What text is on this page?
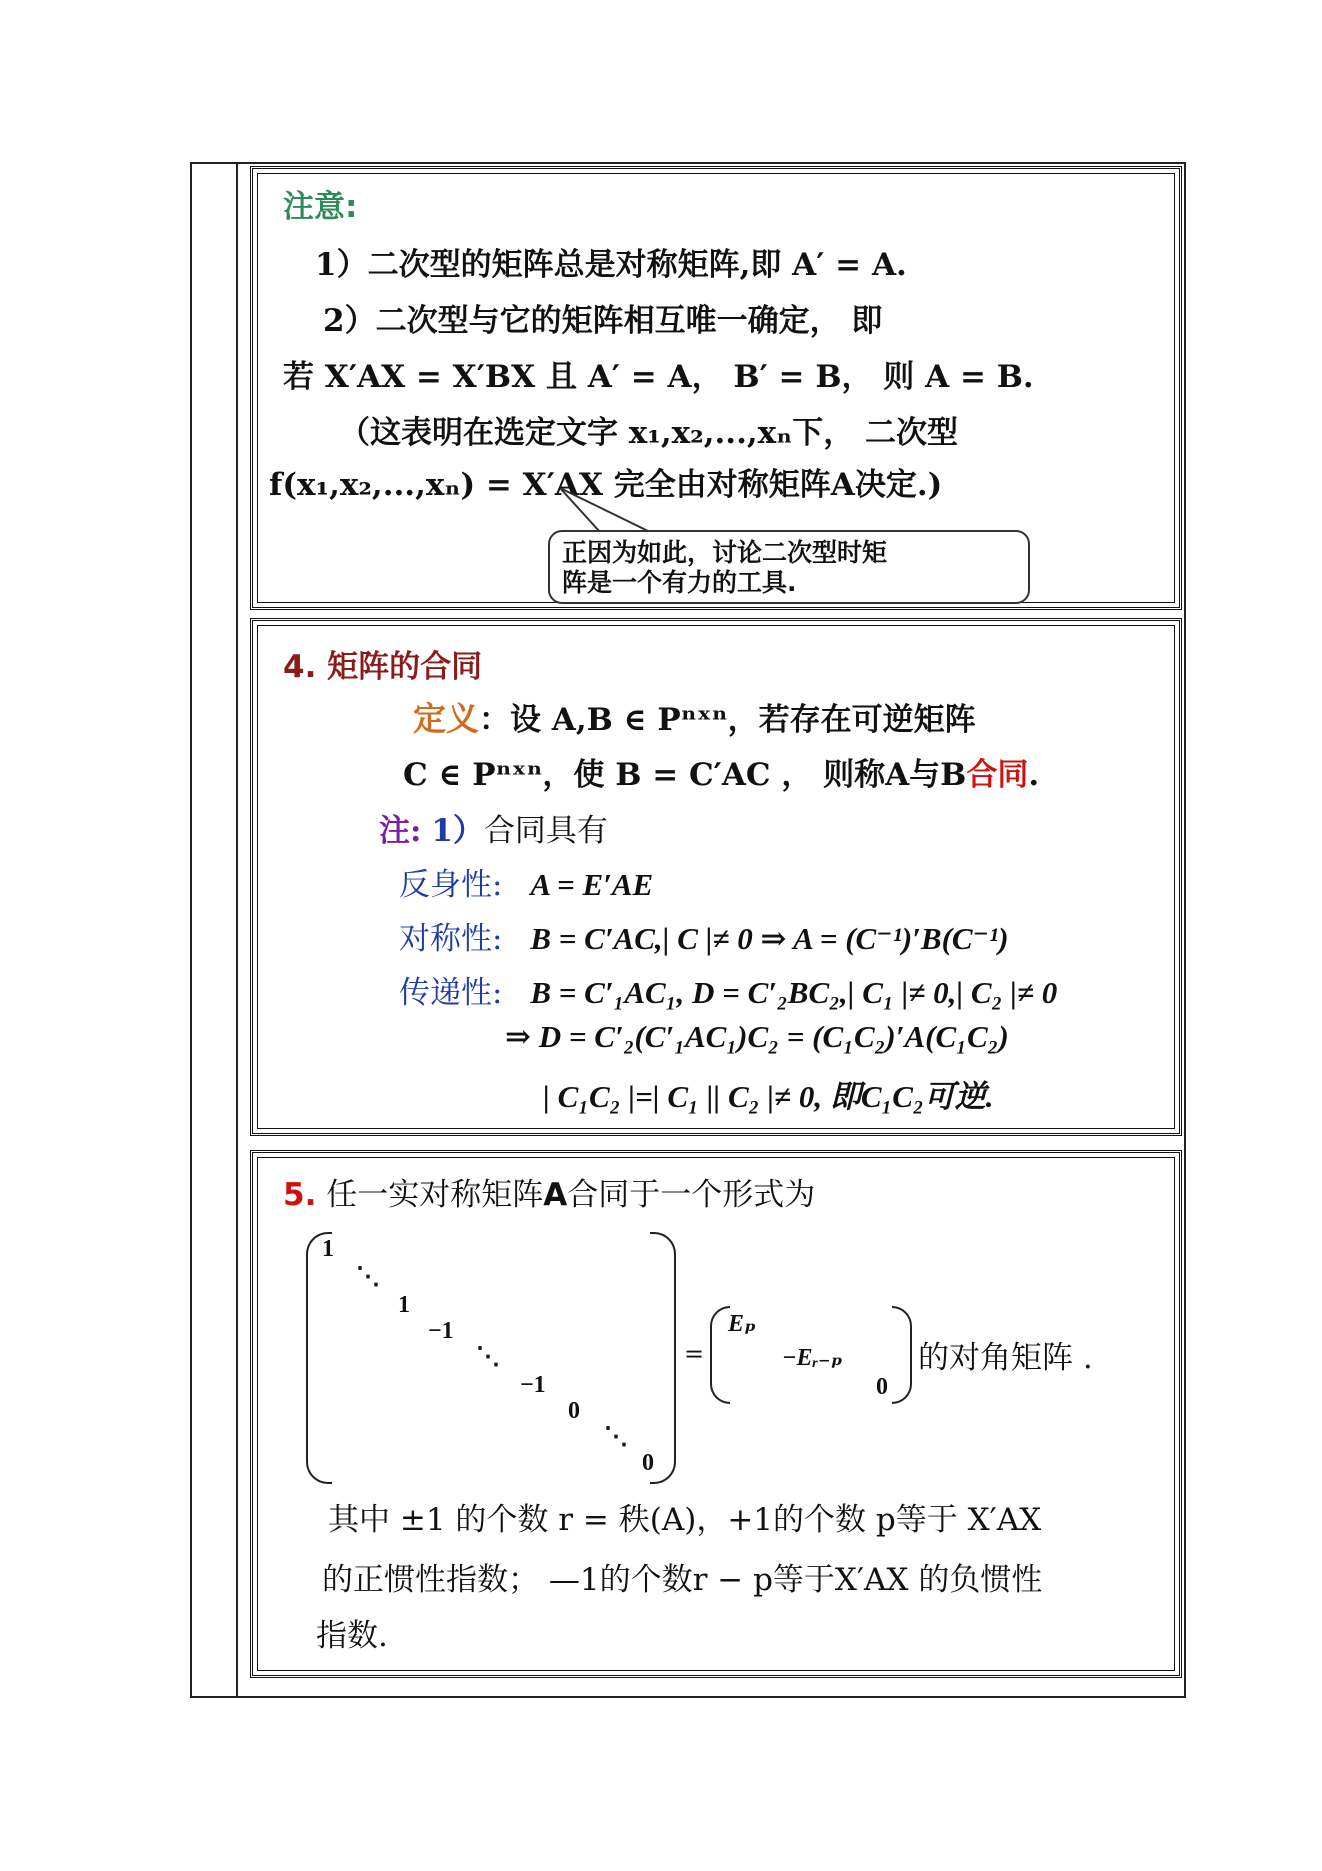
注意:
1）二次型的矩阵总是对称矩阵,即 A′ = A.
2）二次型与它的矩阵相互唯一确定， 即
若 X′AX = X′BX 且 A′ = A， B′ = B， 则 A = B.
（这表明在选定文字 x₁,x₂,...,xₙ下， 二次型
f(x₁,x₂,...,xₙ) = X′AX 完全由对称矩阵A决定.)
正因为如此，讨论二次型时矩
阵是一个有力的工具.
4. 矩阵的合同
定义：设 A,B ∈ Pⁿˣⁿ，若存在可逆矩阵
C ∈ Pⁿˣⁿ，使 B = C′AC ， 则称A与B合同.
注: 1）合同具有
反身性: A = E′AE
对称性: B = C′AC,| C |≠ 0 ⇒ A = (C⁻¹)′B(C⁻¹)
传递性: B = C′₁AC₁, D = C′₂BC₂,| C₁ |≠ 0,| C₂ |≠ 0
⇒ D = C′₂(C′₁AC₁)C₂ = (C₁C₂)′A(C₁C₂)
| C₁C₂ |=| C₁ || C₂ |≠ 0, 即C₁C₂可逆.
5. 任一实对称矩阵A合同于一个形式为
1
⋱
1
−1
⋱
−1
0
⋱
0
=
Eₚ
−Eᵣ₋ₚ
0
的对角矩阵 .
其中 ±1 的个数 r = 秩(A)，+1的个数 p等于 X′AX
的正惯性指数； —1的个数r − p等于X′AX 的负惯性
指数.
